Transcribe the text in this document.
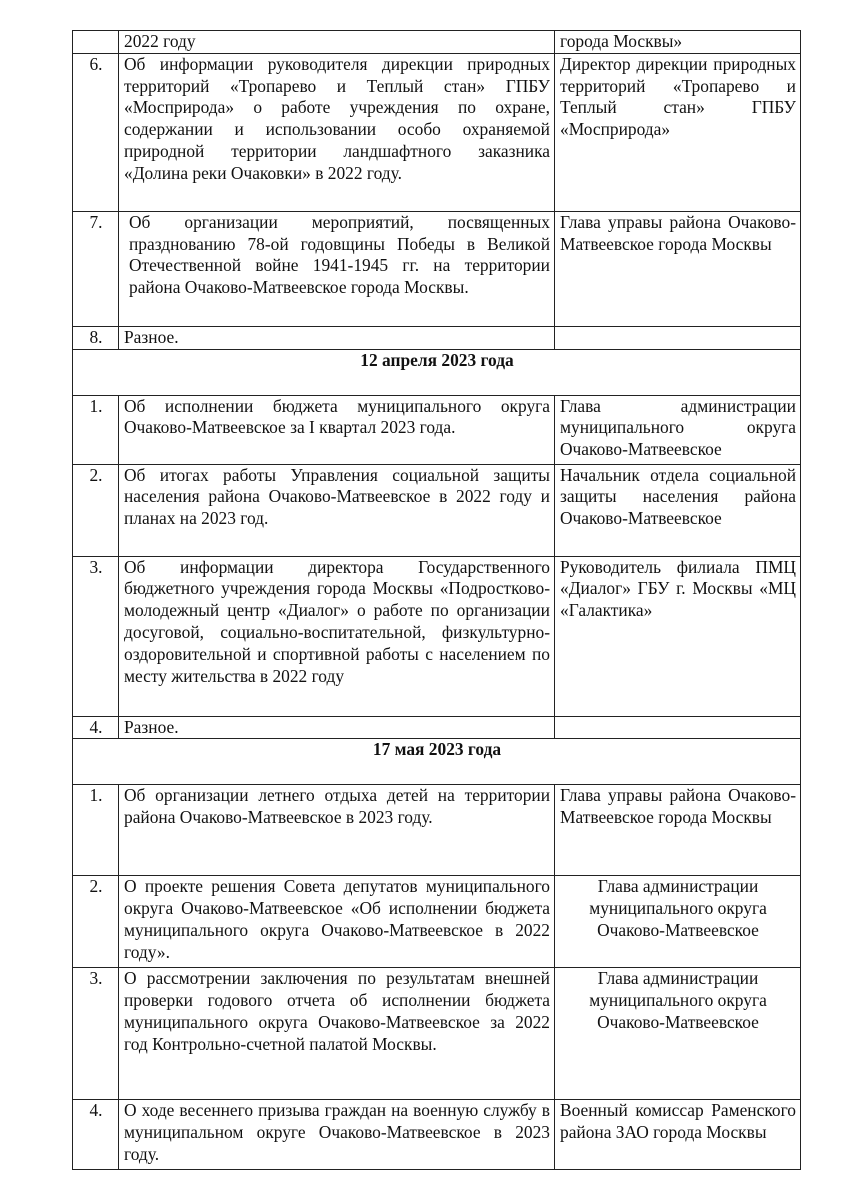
	2022 году	города Москвы»
6.	Об информации руководителя дирекции природных территорий «Тропарево и Теплый стан» ГПБУ «Мосприрода» о работе учреждения по охране, содержании и использовании особо охраняемой природной территории ландшафтного заказника «Долина реки Очаковки» в 2022 году.	Директор дирекции природных территорий «Тропарево и Теплый стан» ГПБУ «Мосприрода»
7.	Об организации мероприятий, посвященных празднованию 78-ой годовщины Победы в Великой Отечественной войне 1941-1945 гг. на территории района Очаково-Матвеевское города Москвы.	Глава управы района Очаково-Матвеевское города Москвы
8.	Разное.	
12 апреля 2023 года		
1.	Об исполнении бюджета муниципального округа Очаково-Матвеевское за I квартал 2023 года.	Глава администрации муниципального округа Очаково-Матвеевское
2.	Об итогах работы Управления социальной защиты населения района Очаково-Матвеевское в 2022 году и планах на 2023 год.	Начальник отдела социальной защиты населения района Очаково-Матвеевское
3.	Об информации директора Государственного бюджетного учреждения города Москвы «Подростково-молодежный центр «Диалог» о работе по организации досуговой, социально-воспитательной, физкультурно-оздоровительной и спортивной работы с населением по месту жительства в 2022 году	Руководитель филиала ПМЦ «Диалог» ГБУ г. Москвы «МЦ «Галактика»
4.	Разное.	
17 мая 2023 года		
1.	Об организации летнего отдыха детей на территории района Очаково-Матвеевское в 2023 году.	Глава управы района Очаково-Матвеевское города Москвы
2.	О проекте решения Совета депутатов муниципального округа Очаково-Матвеевское «Об исполнении бюджета муниципального округа Очаково-Матвеевское в 2022 году».	Глава администрации муниципального округа Очаково-Матвеевское
3.	О рассмотрении заключения по результатам внешней проверки годового отчета об исполнении бюджета муниципального округа Очаково-Матвеевское за 2022 год Контрольно-счетной палатой Москвы.	Глава администрации муниципального округа Очаково-Матвеевское
4.	О ходе весеннего призыва граждан на военную службу в муниципальном округе Очаково-Матвеевское в 2023 году.	Военный комиссар Раменского района ЗАО города Москвы
